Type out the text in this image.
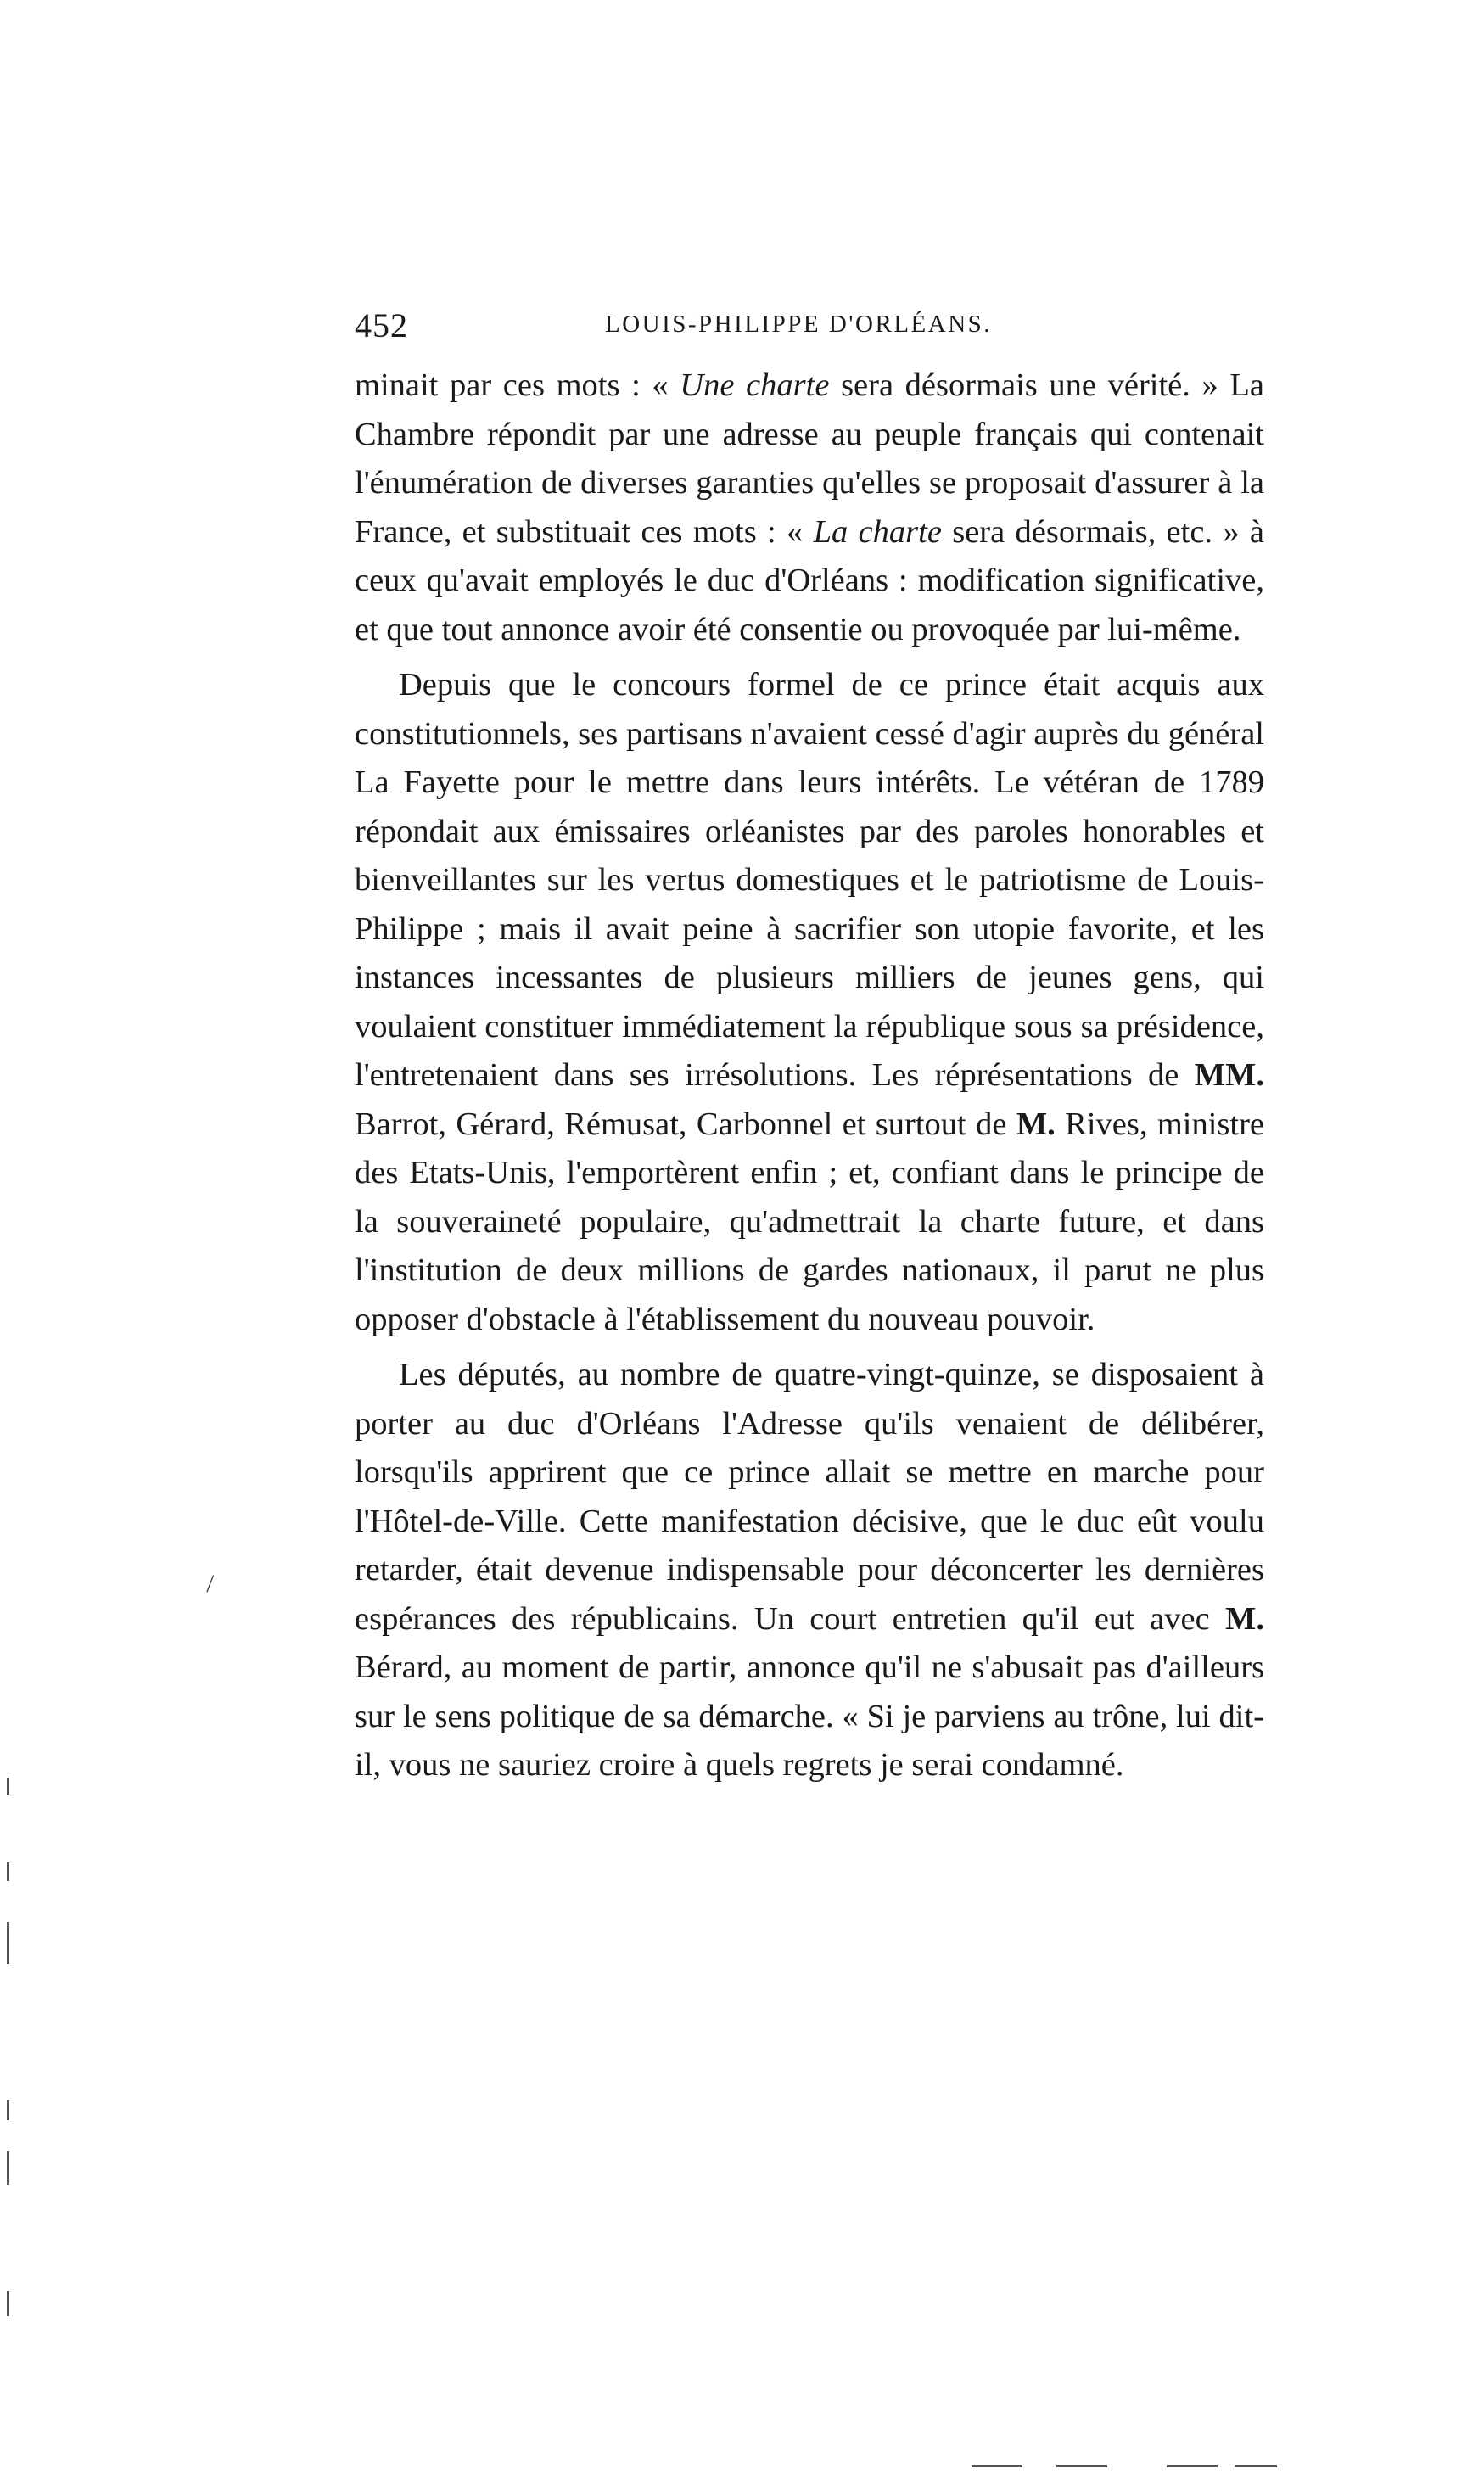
452	LOUIS-PHILIPPE D'ORLÉANS.

minait par ces mots : « Une charte sera désormais une vérité. » La Chambre répondit par une adresse au peuple français qui contenait l'énumération de diverses garanties qu'elles se proposait d'assurer à la France, et substituait ces mots : « La charte sera désormais, etc. » à ceux qu'avait employés le duc d'Orléans : modification significative, et que tout annonce avoir été consentie ou provoquée par lui-même.

Depuis que le concours formel de ce prince était acquis aux constitutionnels, ses partisans n'avaient cessé d'agir auprès du général La Fayette pour le mettre dans leurs intérêts. Le vétéran de 1789 répondait aux émissaires orléanistes par des paroles honorables et bienveillantes sur les vertus domestiques et le patriotisme de Louis-Philippe ; mais il avait peine à sacrifier son utopie favorite, et les instances incessantes de plusieurs milliers de jeunes gens, qui voulaient constituer immédiatement la république sous sa présidence, l'entretenaient dans ses irrésolutions. Les réprésentations de MM. Barrot, Gérard, Rémusat, Carbonnel et surtout de M. Rives, ministre des Etats-Unis, l'emportèrent enfin ; et, confiant dans le principe de la souveraineté populaire, qu'admettrait la charte future, et dans l'institution de deux millions de gardes nationaux, il parut ne plus opposer d'obstacle à l'établissement du nouveau pouvoir.

Les députés, au nombre de quatre-vingt-quinze, se disposaient à porter au duc d'Orléans l'Adresse qu'ils venaient de délibérer, lorsqu'ils apprirent que ce prince allait se mettre en marche pour l'Hôtel-de-Ville. Cette manifestation décisive, que le duc eût voulu retarder, était devenue indispensable pour déconcerter les dernières espérances des républicains. Un court entretien qu'il eut avec M. Bérard, au moment de partir, annonce qu'il ne s'abusait pas d'ailleurs sur le sens politique de sa démarche. « Si je parviens au trône, lui dit-il, vous ne sauriez croire à quels regrets je serai condamné.

\
